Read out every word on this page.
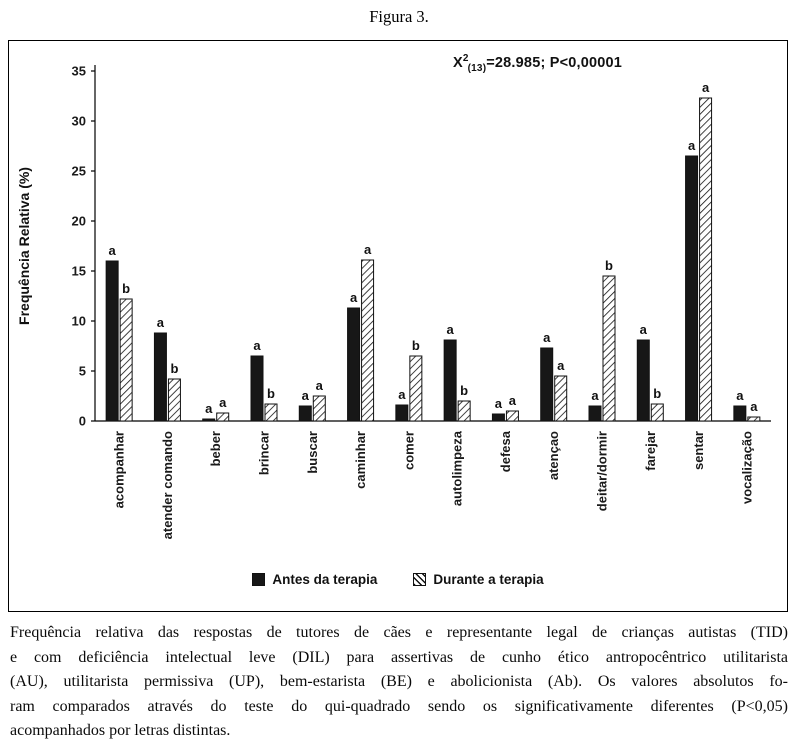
Figura 3.
$X^2_{(13)}=28.985$; P<0,00001
0
5
10
15
20
25
30
35
Frequência Relativa (%)	a
b
acompanhar
a
b
atender comando
a a
beber
a
b
brincar
a
a
buscar
a
a
caminhar
a
b
comer
a
b
autolimpeza
a a
defesa
a
a
atençao
a
b
deitar/dormir
a
b
farejar
a
a
sentar
a
a
vocalização
Antes da terapia	Durante a terapia
Frequência relativa das respostas de tutores de cães e representante legal de crianças autistas (TID)
e com deficiência intelectual leve (DIL) para assertivas de cunho ético antropocêntrico utilitarista
(AU), utilitarista permissiva (UP), bem-estarista (BE) e abolicionista (Ab). Os valores absolutos fo-
ram comparados através do teste do qui-quadrado sendo os significativamente diferentes (P<0,05)
acompanhados por letras distintas.
